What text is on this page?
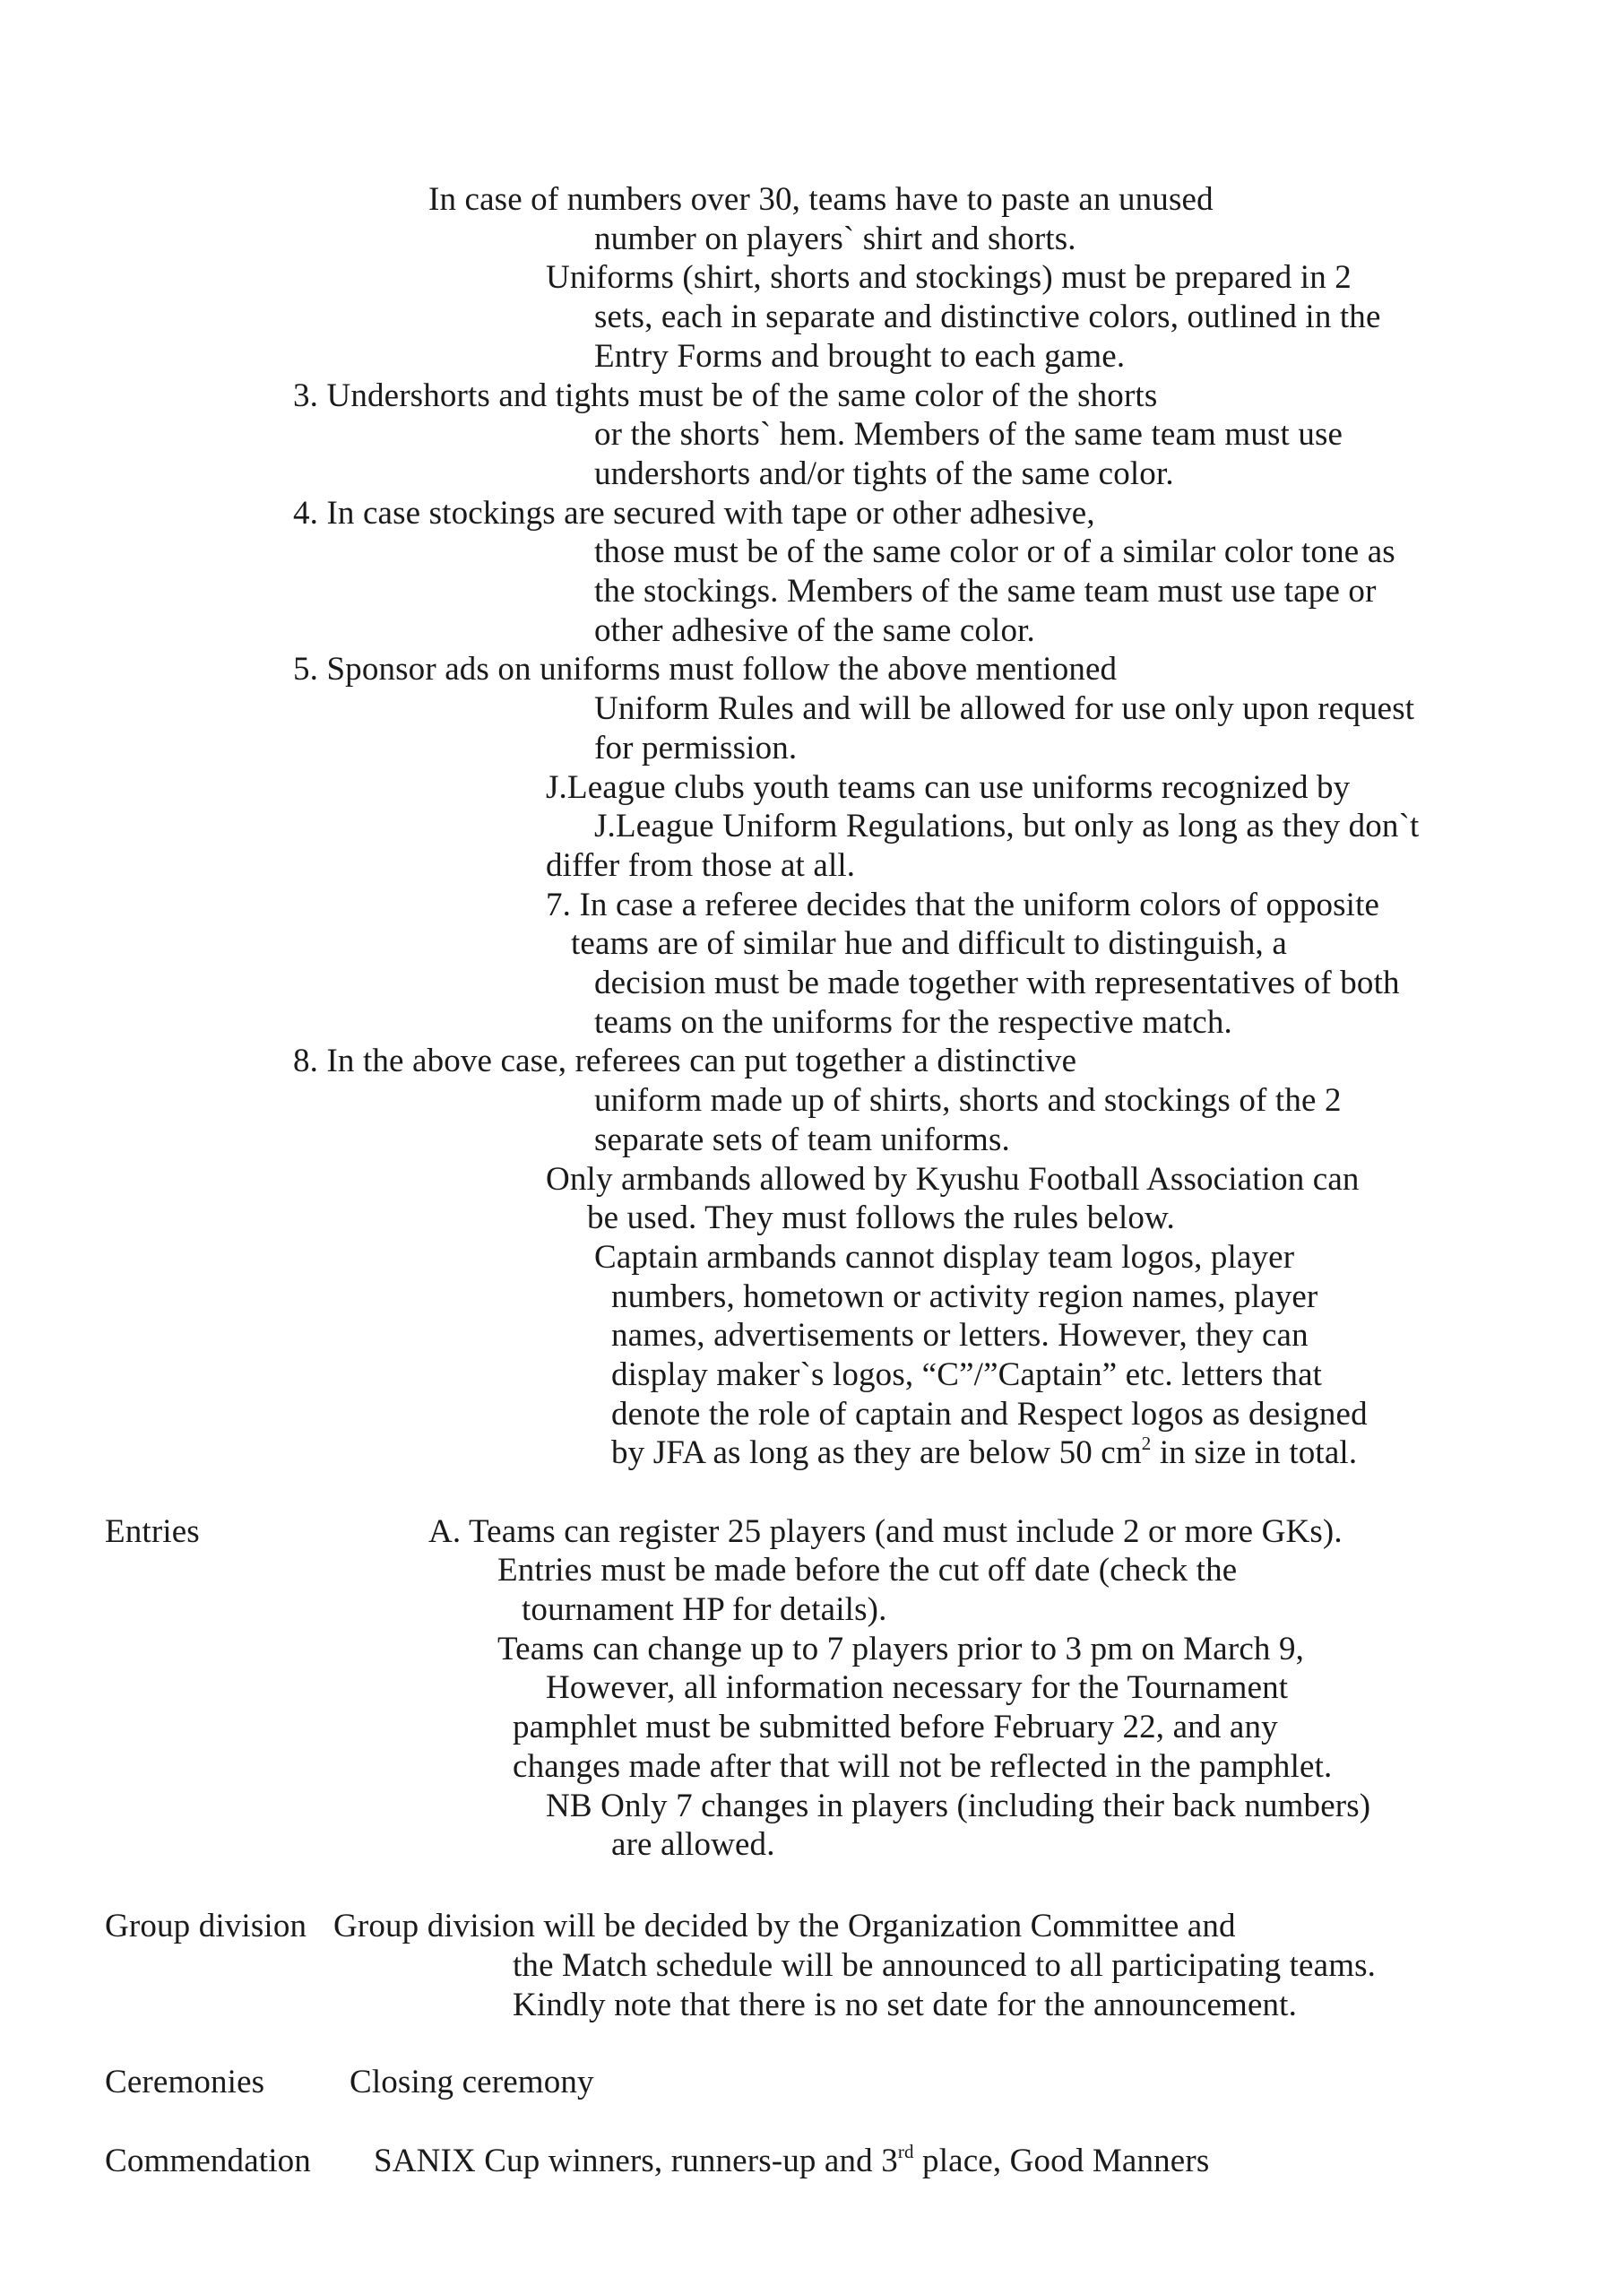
In case of numbers over 30, teams have to paste an unused
number on players` shirt and shorts.
Uniforms (shirt, shorts and stockings) must be prepared in 2
sets, each in separate and distinctive colors, outlined in the
Entry Forms and brought to each game.
3. Undershorts and tights must be of the same color of the shorts
or the shorts` hem. Members of the same team must use
undershorts and/or tights of the same color.
4. In case stockings are secured with tape or other adhesive,
those must be of the same color or of a similar color tone as
the stockings. Members of the same team must use tape or
other adhesive of the same color.
5. Sponsor ads on uniforms must follow the above mentioned
Uniform Rules and will be allowed for use only upon request
for permission.
J.League clubs youth teams can use uniforms recognized by
J.League Uniform Regulations, but only as long as they don`t
differ from those at all.
7. In case a referee decides that the uniform colors of opposite
teams are of similar hue and difficult to distinguish, a
decision must be made together with representatives of both
teams on the uniforms for the respective match.
8. In the above case, referees can put together a distinctive
uniform made up of shirts, shorts and stockings of the 2
separate sets of team uniforms.
Only armbands allowed by Kyushu Football Association can
be used. They must follows the rules below.
Captain armbands cannot display team logos, player
numbers, hometown or activity region names, player
names, advertisements or letters. However, they can
display maker`s logos, “C”/”Captain” etc. letters that
denote the role of captain and Respect logos as designed
by JFA as long as they are below 50 $cm^2$ in size in total.
Entries	A. Teams can register 25 players (and must include 2 or more GKs).
Entries must be made before the cut off date (check the
tournament HP for details).
Teams can change up to 7 players prior to 3 pm on March 9,
However, all information necessary for the Tournament
pamphlet must be submitted before February 22, and any
changes made after that will not be reflected in the pamphlet.
NB Only 7 changes in players (including their back numbers)
are allowed.
Group division Group division will be decided by the Organization Committee and
the Match schedule will be announced to all participating teams.
Kindly note that there is no set date for the announcement.
Ceremonies	Closing ceremony
Commendation SANIX Cup winners, runners-up and 3rd place, Good Manners
